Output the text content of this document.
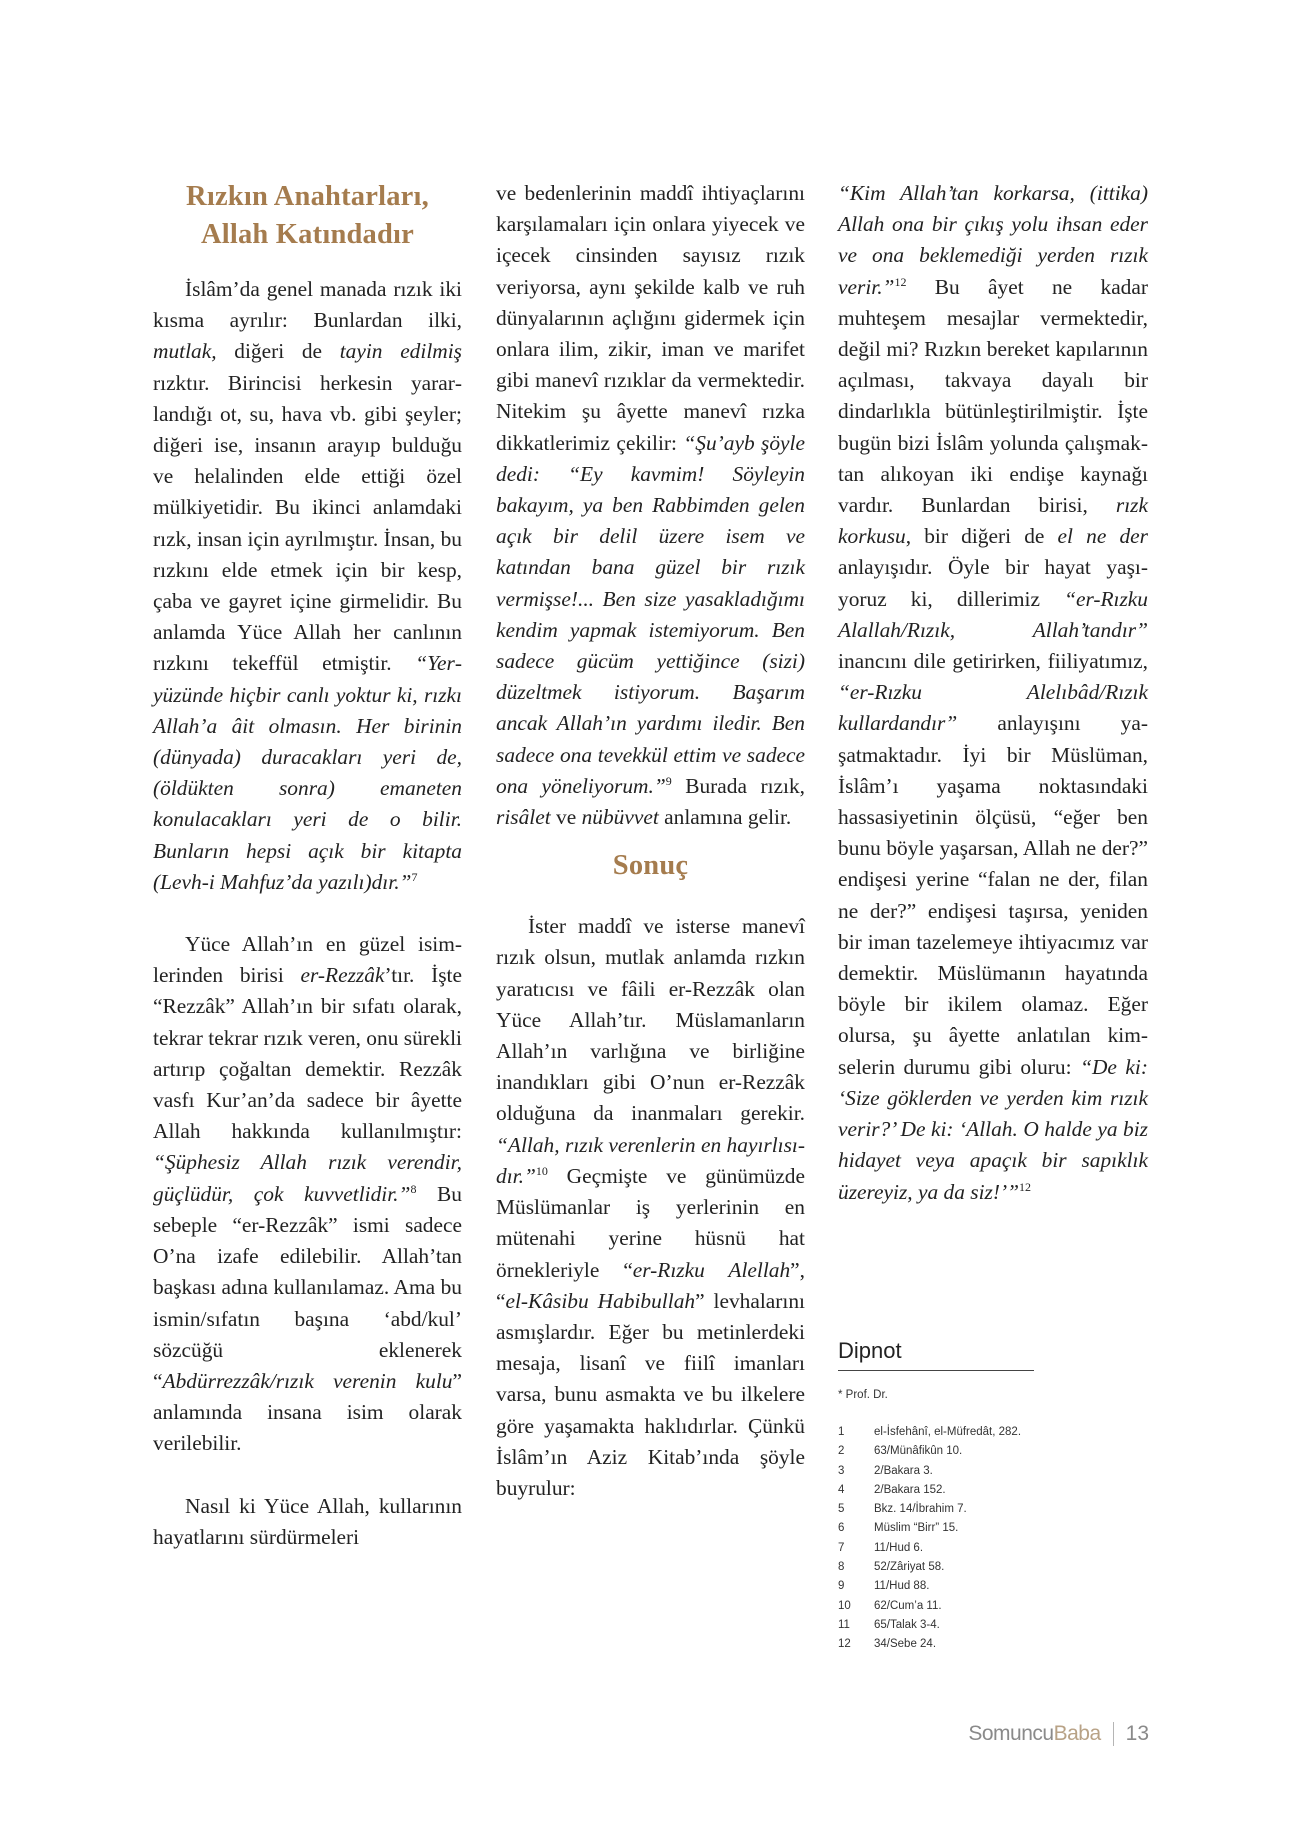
Rızkın Anahtarları,
Allah Katındadır

İslâm’da genel manada rızık iki kısma ayrılır: Bunlardan ilki, mutlak, diğeri de tayin edilmiş rızktır. Birincisi herkesin yararlandığı ot, su, hava vb. gibi şeyler; diğeri ise, insanın arayıp bulduğu ve helalinden elde ettiği özel mülkiyetidir. Bu ikinci anlamdaki rızk, insan için ayrılmıştır. İnsan, bu rızkını elde etmek için bir kesp, çaba ve gayret içine girmelidir. Bu anlamda Yüce Allah her canlının rızkını tekeffül etmiştir. “Yeryüzünde hiçbir canlı yoktur ki, rızkı Allah’a âit olmasın. Her birinin (dünyada) duracakları yeri de, (öldükten sonra) emaneten konulacakları yeri de o bilir. Bunların hepsi açık bir kitapta (Levh-i Mahfuz’da yazılı)dır.”$^7$

Yüce Allah’ın en güzel isimlerinden birisi er-Rezzâk’tır. İşte “Rezzâk” Allah’ın bir sıfatı olarak, tekrar tekrar rızık veren, onu sürekli artırıp çoğaltan demektir. Rezzâk vasfı Kur’an’da sadece bir âyette Allah hakkında kullanılmıştır: “Şüphesiz Allah rızık verendir, güçlüdür, çok kuvvetlidir.”$^8$ Bu sebeple “er-Rezzâk” ismi sadece O’na izafe edilebilir. Allah’tan başkası adına kullanılamaz. Ama bu ismin/sıfatın başına ‘abd/kul’ sözcüğü eklenerek “Abdürrezzâk/rızık verenin kulu” anlamında insana isim olarak verilebilir.

Nasıl ki Yüce Allah, kullarının hayatlarını sürdürmeleri

ve bedenlerinin maddî ihtiyaçlarını karşılamaları için onlara yiyecek ve içecek cinsinden sayısız rızık veriyorsa, aynı şekilde kalb ve ruh dünyalarının açlığını gidermek için onlara ilim, zikir, iman ve marifet gibi manevî rızıklar da vermektedir. Nitekim şu âyette manevî rızka dikkatlerimiz çekilir: “Şu’ayb şöyle dedi: “Ey kavmim! Söyleyin bakayım, ya ben Rabbimden gelen açık bir delil üzere isem ve katından bana güzel bir rızık vermişse!... Ben size yasakladığımı kendim yapmak istemiyorum. Ben sadece gücüm yettiğince (sizi) düzeltmek istiyorum. Başarım ancak Allah’ın yardımı iledir. Ben sadece ona tevekkül ettim ve sadece ona yöneliyorum.”$^9$ Burada rızık, risâlet ve nübüvvet anlamına gelir.

Sonuç

İster maddî ve isterse manevî rızık olsun, mutlak anlamda rızkın yaratıcısı ve fâili er-Rezzâk olan Yüce Allah’tır. Müslamanların Allah’ın varlığına ve birliğine inandıkları gibi O’nun er-Rezzâk olduğuna da inanmaları gerekir. “Allah, rızık verenlerin en hayırlısıdır.”$^{10}$ Geçmişte ve günümüzde Müslümanlar iş yerlerinin en mütenahi yerine hüsnü hat örnekleriyle “er-Rızku Alellah”, “el-Kâsibu Habibullah” levhalarını asmışlardır. Eğer bu metinlerdeki mesaja, lisanî ve fiilî imanları varsa, bunu asmakta ve bu ilkelere göre yaşamakta haklıdırlar. Çünkü İslâm’ın Aziz Kitab’ında şöyle buyrulur:

“Kim Allah’tan korkarsa, (ittika) Allah ona bir çıkış yolu ihsan eder ve ona beklemediği yerden rızık verir.”$^{12}$ Bu âyet ne kadar muhteşem mesajlar vermektedir, değil mi? Rızkın bereket kapılarının açılması, takvaya dayalı bir dindarlıkla bütünleştirilmiştir. İşte bugün bizi İslâm yolunda çalışmaktan alıkoyan iki endişe kaynağı vardır. Bunlardan birisi, rızk korkusu, bir diğeri de el ne der anlayışıdır. Öyle bir hayat yaşıyoruz ki, dillerimiz “er-Rızku Alallah/Rızık, Allah’tandır” inancını dile getirirken, fiiliyatımız, “er-Rızku Alelıbâd/Rızık kullardandır” anlayışını yaşatmaktadır. İyi bir Müslüman, İslâm’ı yaşama noktasındaki hassasiyetinin ölçüsü, “eğer ben bunu böyle yaşarsan, Allah ne der?” endişesi yerine “falan ne der, filan ne der?” endişesi taşırsa, yeniden bir iman tazelemeye ihtiyacımız var demektir. Müslümanın hayatında böyle bir ikilem olamaz. Eğer olursa, şu âyette anlatılan kimselerin durumu gibi oluru: “De ki: ‘Size göklerden ve yerden kim rızık verir?’ De ki: ‘Allah. O halde ya biz hidayet veya apaçık bir sapıklık üzereyiz, ya da siz!’”$^{12}$

Dipnot
* Prof. Dr.
1	el-İsfehânî, el-Müfredât, 282.
2	63/Münâfikûn 10.
3	2/Bakara 3.
4	2/Bakara 152.
5	Bkz. 14/İbrahim 7.
6	Müslim “Birr” 15.
7	11/Hud 6.
8	52/Zâriyat 58.
9	11/Hud 88.
10	62/Cum’a 11.
11	65/Talak 3-4.
12	34/Sebe 24.
Somuncu Baba 13
